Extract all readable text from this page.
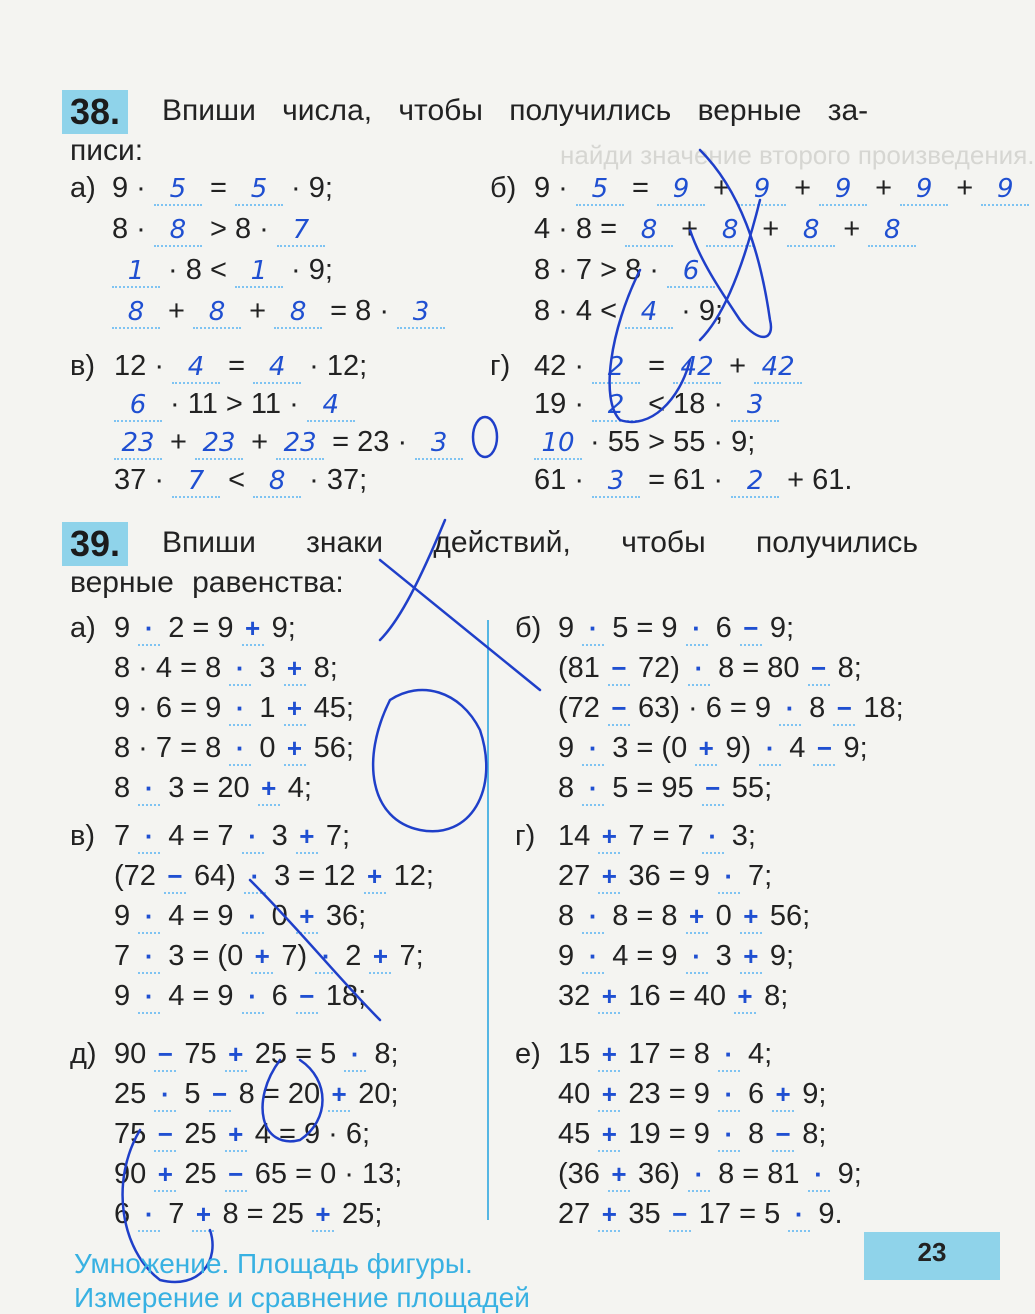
найди значение второго произведения.
38. Впиши числа, чтобы получились верные за-
писи:
а) 9 · 5 = 5 · 9;
8 · 8 > 8 · 7
1 · 8 < 1 · 9;
8 + 8 + 8 = 8 · 3
б) 9 · 5 = 9 + 9 + 9 + 9 + 9
4 · 8 = 8 + 8 + 8 + 8
8 · 7 > 8 · 6
8 · 4 < 4 · 9;
в) 12 · 4 = 4 · 12;
6 · 11 > 11 · 4
23 + 23 + 23 = 23 · 3
37 · 7 < 8 · 37;
г) 42 · 2 = 42 + 42
19 · 2 < 18 · 3
10 · 55 > 55 · 9;
61 · 3 = 61 · 2 + 61.
39. Впиши знаки действий, чтобы получились
верные равенства:
а) 9 · 2 = 9 + 9;
8 · 4 = 8 · 3 + 8;
9 · 6 = 9 · 1 + 45;
8 · 7 = 8 · 0 + 56;
8 · 3 = 20 + 4;
б) 9 · 5 = 9 · 6 − 9;
(81 − 72) · 8 = 80 − 8;
(72 − 63) · 6 = 9 · 8 − 18;
9 · 3 = (0 + 9) · 4 − 9;
8 · 5 = 95 − 55;
в) 7 · 4 = 7 · 3 + 7;
(72 − 64) · 3 = 12 + 12;
9 · 4 = 9 · 0 + 36;
7 · 3 = (0 + 7) · 2 + 7;
9 · 4 = 9 · 6 − 18;
г) 14 + 7 = 7 · 3;
27 + 36 = 9 · 7;
8 · 8 = 8 + 0 + 56;
9 · 4 = 9 · 3 + 9;
32 + 16 = 40 + 8;
д) 90 − 75 + 25 = 5 · 8;
25 · 5 − 8 = 20 + 20;
75 − 25 + 4 = 9 · 6;
90 + 25 − 65 = 0 · 13;
6 · 7 + 8 = 25 + 25;
е) 15 + 17 = 8 · 4;
40 + 23 = 9 · 6 + 9;
45 + 19 = 9 · 8 − 8;
(36 + 36) · 8 = 81 · 9;
27 + 35 − 17 = 5 · 9.
Умножение. Площадь фигуры.
Измерение и сравнение площадей
23
